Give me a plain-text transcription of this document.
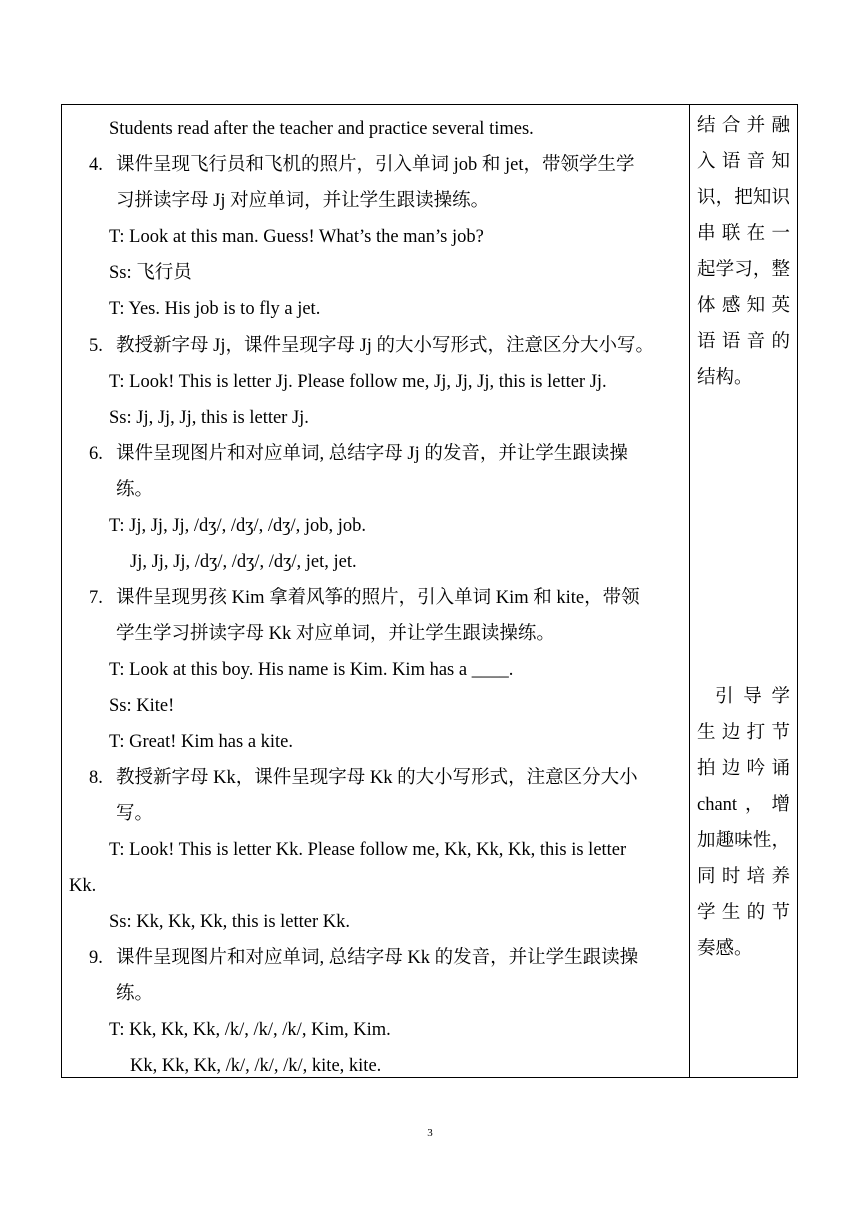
Students read after the teacher and practice several times.
4. 课件呈现飞行员和飞机的照片，引入单词 job 和 jet，带领学生学
习拼读字母 Jj 对应单词，并让学生跟读操练。
T: Look at this man. Guess! What’s the man’s job?
Ss: 飞行员
T: Yes. His job is to fly a jet.
5. 教授新字母 Jj，课件呈现字母 Jj 的大小写形式，注意区分大小写。
T: Look! This is letter Jj. Please follow me, Jj, Jj, Jj, this is letter Jj.
Ss: Jj, Jj, Jj, this is letter Jj.
6. 课件呈现图片和对应单词, 总结字母 Jj 的发音，并让学生跟读操
练。
T: Jj, Jj, Jj, /dʒ/, /dʒ/, /dʒ/, job, job.
Jj, Jj, Jj, /dʒ/, /dʒ/, /dʒ/, jet, jet.
7. 课件呈现男孩 Kim 拿着风筝的照片，引入单词 Kim 和 kite，带领
学生学习拼读字母 Kk 对应单词，并让学生跟读操练。
T: Look at this boy. His name is Kim. Kim has a ____.
Ss: Kite!
T: Great! Kim has a kite.
8. 教授新字母 Kk，课件呈现字母 Kk 的大小写形式，注意区分大小
写。
T: Look! This is letter Kk. Please follow me, Kk, Kk, Kk, this is letter
Kk.
Ss: Kk, Kk, Kk, this is letter Kk.
9. 课件呈现图片和对应单词, 总结字母 Kk 的发音，并让学生跟读操
练。
T: Kk, Kk, Kk, /k/, /k/, /k/, Kim, Kim.
Kk, Kk, Kk, /k/, /k/, /k/, kite, kite.
结合并融
入语音知
识，把知识
串联在一
起学习，整
体感知英
语语音的
结构。
引导学
生边打节
拍边吟诵
chant，增
加趣味性，
同时培养
学生的节
奏感。
3
